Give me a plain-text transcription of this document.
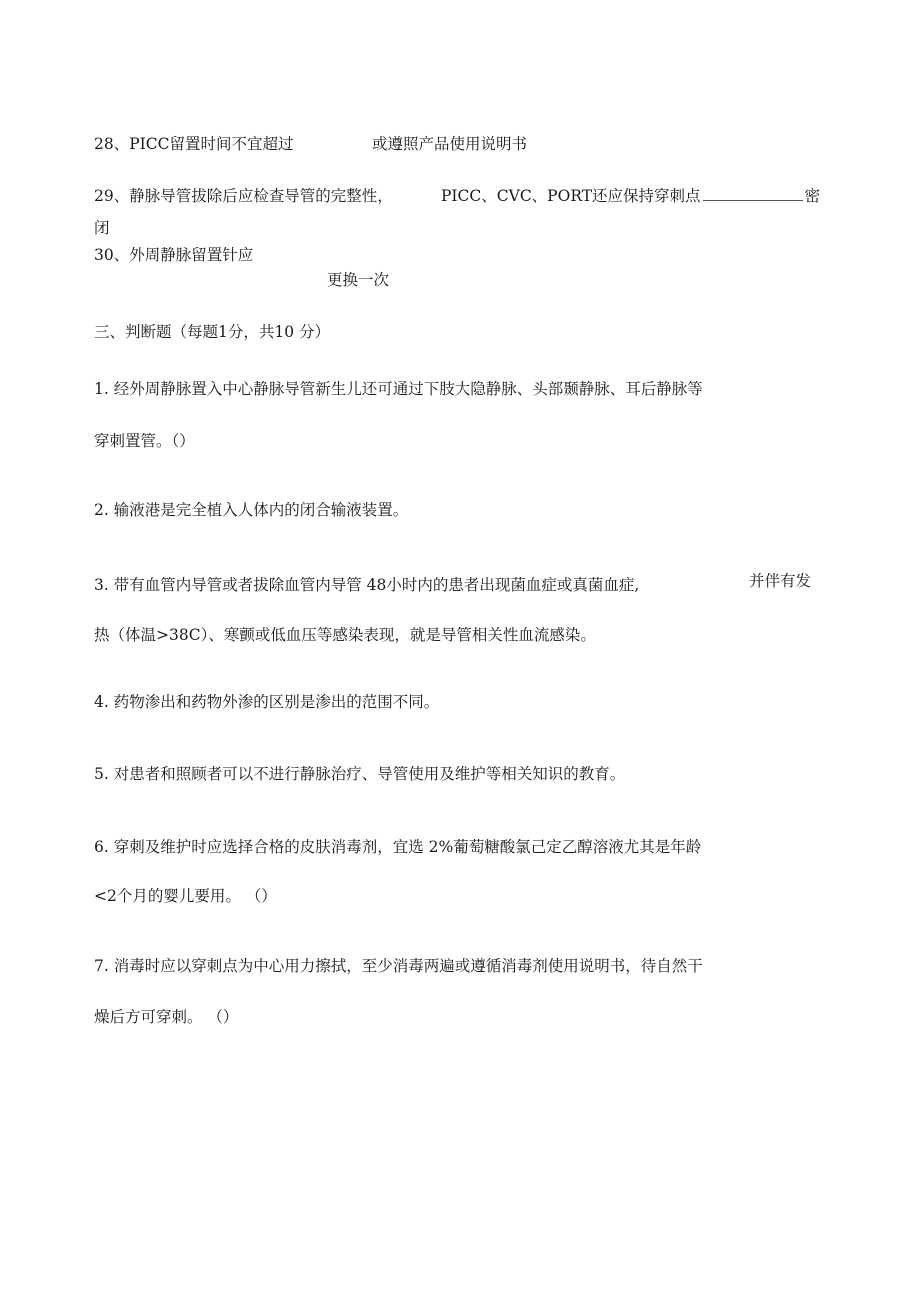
28、PICC留置时间不宜超过	或遵照产品使用说明书
29、静脉导管拔除后应检查导管的完整性，	PICC、CVC、PORT还应保持穿刺点	密
闭
30、外周静脉留置针应
更换一次
三、判断题（每题1分，共10 分）
1. 经外周静脉置入中心静脉导管新生儿还可通过下肢大隐静脉、头部颞静脉、耳后静脉等
穿刺置管。（）
2. 输液港是完全植入人体内的闭合输液装置。
3. 带有血管内导管或者拔除血管内导管 48小时内的患者出现菌血症或真菌血症,	并伴有发
热（体温>38C）、寒颤或低血压等感染表现，就是导管相关性血流感染。
4. 药物渗出和药物外渗的区别是渗出的范围不同。
5. 对患者和照顾者可以不进行静脉治疗、导管使用及维护等相关知识的教育。
6. 穿刺及维护时应选择合格的皮肤消毒剂，宜选 2%葡萄糖酸氯己定乙醇溶液尤其是年龄
<2个月的婴儿要用。 （）
7. 消毒时应以穿刺点为中心用力擦拭，至少消毒两遍或遵循消毒剂使用说明书，待自然干
燥后方可穿刺。 （）
